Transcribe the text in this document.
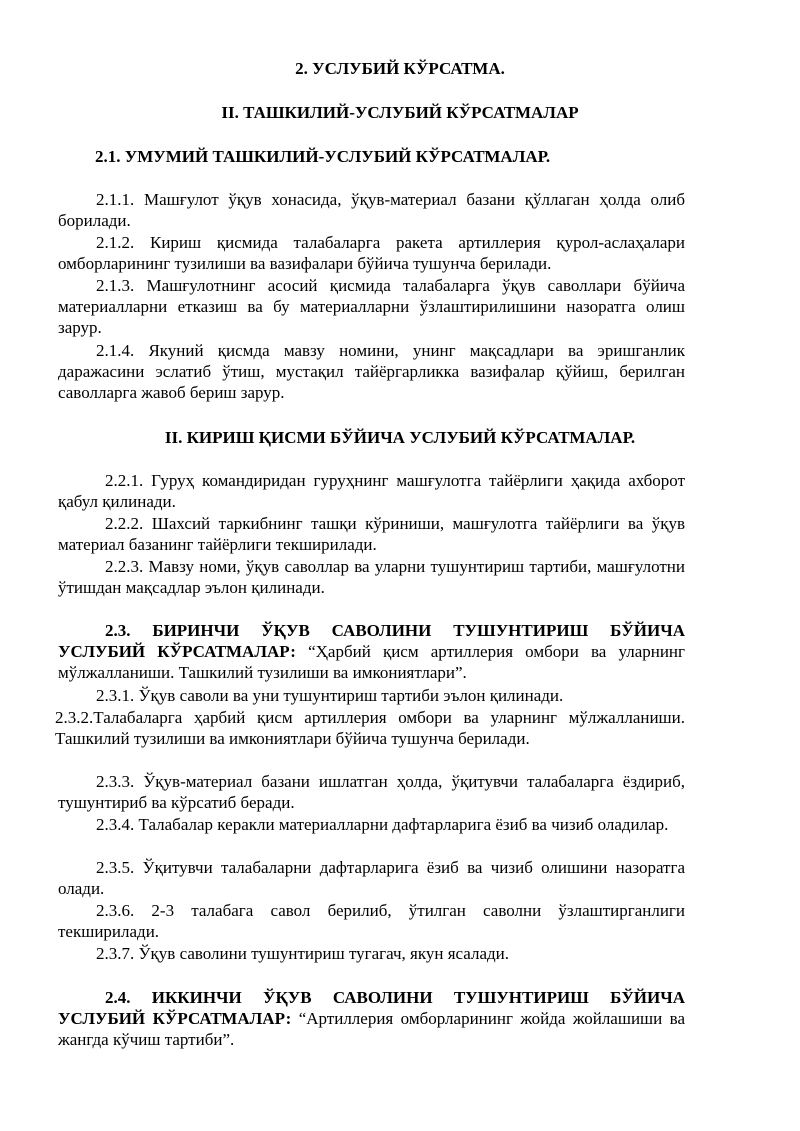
2. УСЛУБИЙ КЎРСАТМА.
II. ТАШКИЛИЙ-УСЛУБИЙ КЎРСАТМАЛАР
2.1. УМУМИЙ ТАШКИЛИЙ-УСЛУБИЙ КЎРСАТМАЛАР.
2.1.1. Машғулот ўқув хонасида, ўқув-материал базани қўллаган ҳолда олиб борилади.
2.1.2. Кириш қисмида талабаларга ракета артиллерия қурол-аслаҳалари омборларининг тузилиши ва вазифалари бўйича тушунча берилади.
2.1.3. Машғулотнинг асосий қисмида талабаларга ўқув саволлари бўйича материалларни етказиш ва бу материалларни ўзлаштирилишини назоратга олиш зарур.
2.1.4. Якуний қисмда мавзу номини, унинг мақсадлари ва эришганлик даражасини эслатиб ўтиш, мустақил тайёргарликка вазифалар қўйиш, берилган саволларга жавоб бериш зарур.
II. КИРИШ ҚИСМИ БЎЙИЧА УСЛУБИЙ КЎРСАТМАЛАР.
2.2.1. Гуруҳ командиридан гуруҳнинг машғулотга тайёрлиги ҳақида ахборот қабул қилинади.
2.2.2. Шахсий таркибнинг ташқи кўриниши, машғулотга тайёрлиги ва ўқув материал базанинг тайёрлиги текширилади.
2.2.3. Мавзу номи, ўқув саволлар ва уларни тушунтириш тартиби, машғулотни ўтишдан мақсадлар эълон қилинади.
2.3. БИРИНЧИ ЎҚУВ САВОЛИНИ ТУШУНТИРИШ БЎЙИЧА УСЛУБИЙ КЎРСАТМАЛАР: “Ҳарбий қисм артиллерия омбори ва уларнинг мўлжалланиши. Ташкилий тузилиши ва имкониятлари”.
2.3.1. Ўқув саволи ва уни тушунтириш тартиби эълон қилинади.
2.3.2.Талабаларга ҳарбий қисм артиллерия омбори ва уларнинг мўлжалланиши. Ташкилий тузилиши ва имкониятлари бўйича тушунча берилади.
2.3.3. Ўқув-материал базани ишлатган ҳолда, ўқитувчи талабаларга ёздириб, тушунтириб ва кўрсатиб беради.
2.3.4. Талабалар керакли материалларни дафтарларига ёзиб ва чизиб оладилар.
2.3.5. Ўқитувчи талабаларни дафтарларига ёзиб ва чизиб олишини назоратга олади.
2.3.6. 2-3 талабага савол берилиб, ўтилган саволни ўзлаштирганлиги текширилади.
2.3.7. Ўқув саволини тушунтириш тугагач, якун ясалади.
2.4. ИККИНЧИ ЎҚУВ САВОЛИНИ ТУШУНТИРИШ БЎЙИЧА УСЛУБИЙ КЎРСАТМАЛАР: “Артиллерия омборларининг жойда жойлашиши ва жангда кўчиш тартиби”.
